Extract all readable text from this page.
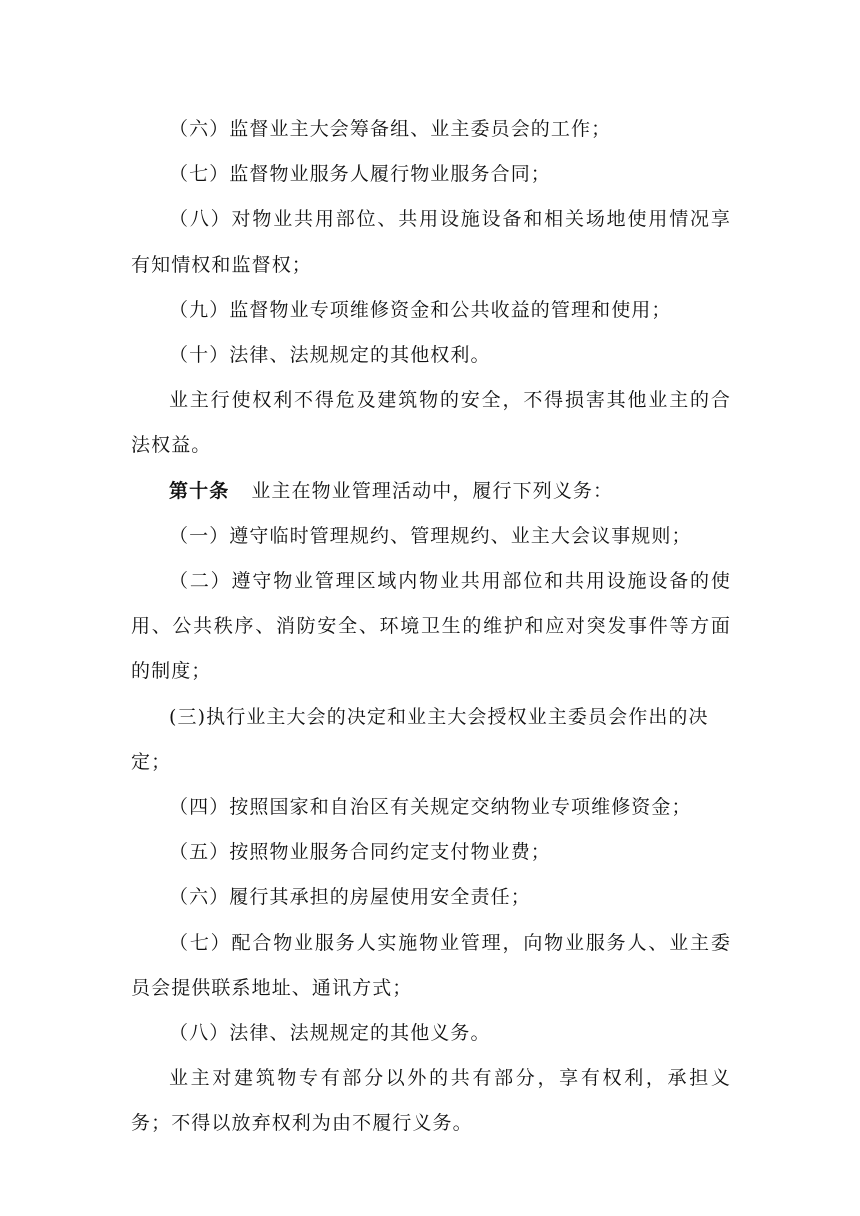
（六）监督业主大会筹备组、业主委员会的工作；

（七）监督物业服务人履行物业服务合同；

（八）对物业共用部位、共用设施设备和相关场地使用情况享有知情权和监督权；

（九）监督物业专项维修资金和公共收益的管理和使用；

（十）法律、法规规定的其他权利。

业主行使权利不得危及建筑物的安全，不得损害其他业主的合法权益。

第十条 业主在物业管理活动中，履行下列义务：

（一）遵守临时管理规约、管理规约、业主大会议事规则；

（二）遵守物业管理区域内物业共用部位和共用设施设备的使用、公共秩序、消防安全、环境卫生的维护和应对突发事件等方面的制度；

(三)执行业主大会的决定和业主大会授权业主委员会作出的决定；

（四）按照国家和自治区有关规定交纳物业专项维修资金；

（五）按照物业服务合同约定支付物业费；

（六）履行其承担的房屋使用安全责任；

（七）配合物业服务人实施物业管理，向物业服务人、业主委员会提供联系地址、通讯方式；

（八）法律、法规规定的其他义务。

业主对建筑物专有部分以外的共有部分，享有权利，承担义务；不得以放弃权利为由不履行义务。
